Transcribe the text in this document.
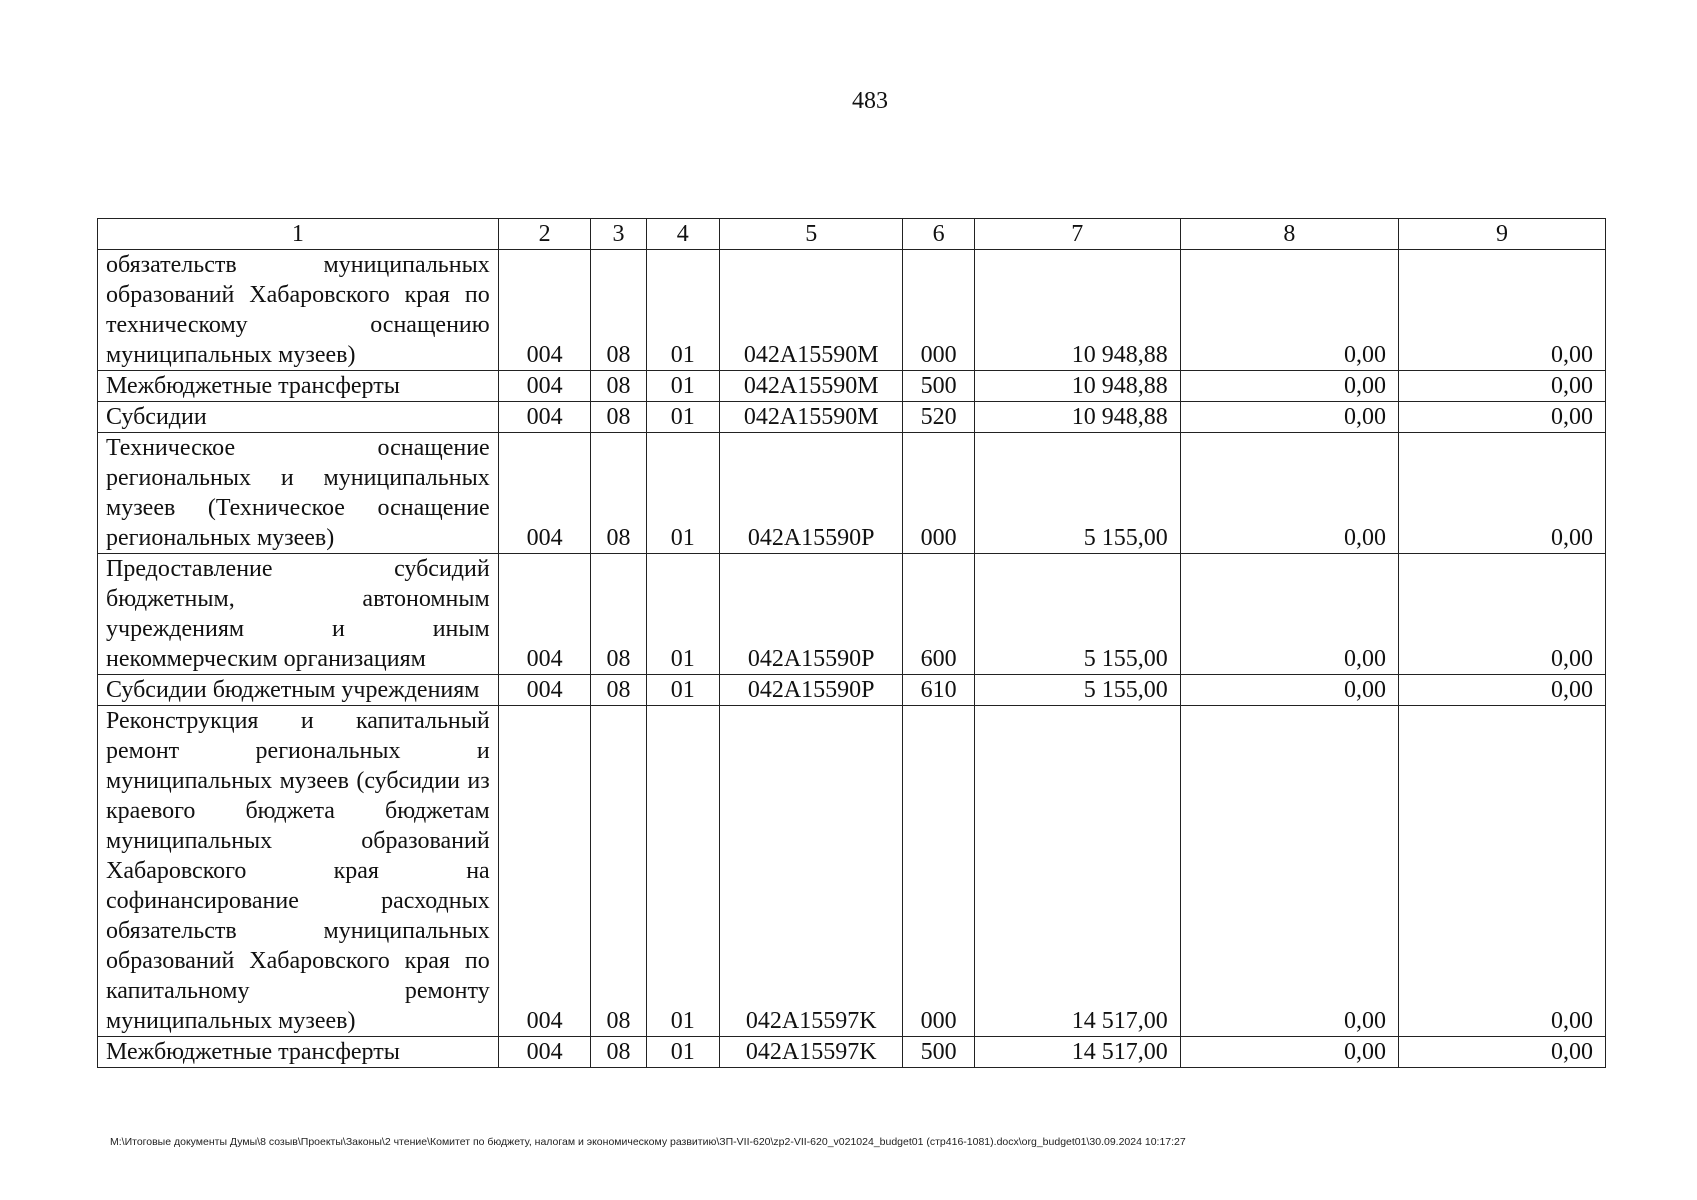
483
1	2	3	4	5	6	7	8	9
обязательств муниципальных образований Хабаровского края по техническому оснащению муниципальных музеев)	004	08	01	042A15590M	000	10 948,88	0,00	0,00
Межбюджетные трансферты	004	08	01	042A15590M	500	10 948,88	0,00	0,00
Субсидии	004	08	01	042A15590M	520	10 948,88	0,00	0,00
Техническое оснащение региональных и муниципальных музеев (Техническое оснащение региональных музеев)	004	08	01	042A15590P	000	5 155,00	0,00	0,00
Предоставление субсидий бюджетным, автономным учреждениям и иным некоммерческим организациям	004	08	01	042A15590P	600	5 155,00	0,00	0,00
Субсидии бюджетным учреждениям	004	08	01	042A15590P	610	5 155,00	0,00	0,00
Реконструкция и капитальный ремонт региональных и муниципальных музеев (субсидии из краевого бюджета бюджетам муниципальных образований Хабаровского края на софинансирование расходных обязательств муниципальных образований Хабаровского края по капитальному ремонту муниципальных музеев)	004	08	01	042A15597K	000	14 517,00	0,00	0,00
Межбюджетные трансферты	004	08	01	042A15597K	500	14 517,00	0,00	0,00
M:\Итоговые документы Думы\8 созыв\Проекты\Законы\2 чтение\Комитет по бюджету, налогам и экономическому развитию\ЗП-VII-620\zp2-VII-620_v021024_budget01 (стр416-1081).docx\org_budget01\30.09.2024 10:17:27
